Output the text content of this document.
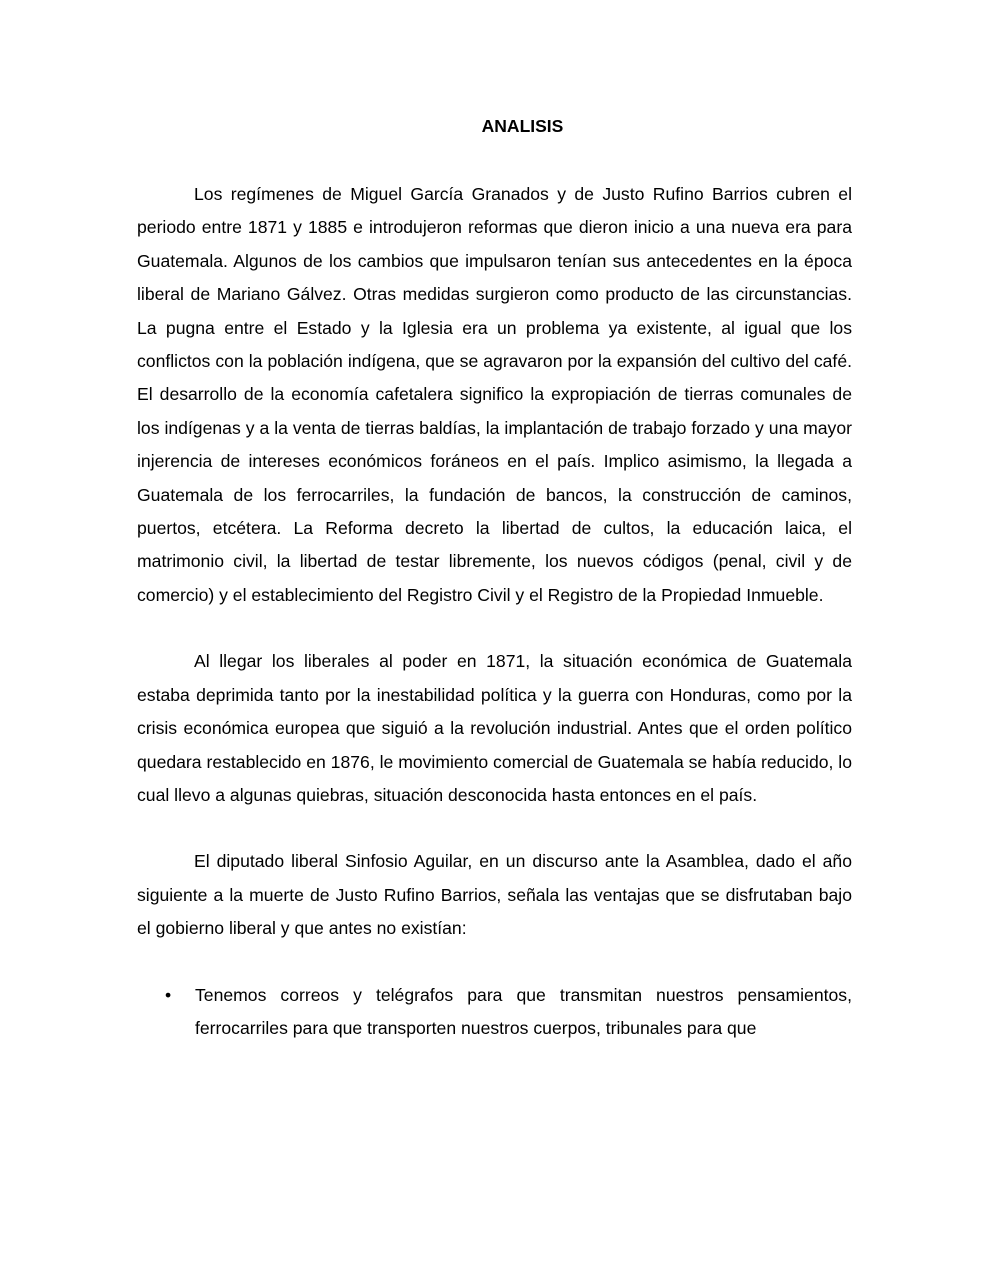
ANALISIS

Los regímenes de Miguel García Granados y de Justo Rufino Barrios cubren el periodo entre 1871 y 1885 e introdujeron reformas que dieron inicio a una nueva era para Guatemala. Algunos de los cambios que impulsaron tenían sus antecedentes en la época liberal de Mariano Gálvez. Otras medidas surgieron como producto de las circunstancias. La pugna entre el Estado y la Iglesia era un problema ya existente, al igual que los conflictos con la población indígena, que se agravaron por la expansión del cultivo del café. El desarrollo de la economía cafetalera significo la expropiación de tierras comunales de los indígenas y a la venta de tierras baldías, la implantación de trabajo forzado y una mayor injerencia de intereses económicos foráneos en el país. Implico asimismo, la llegada a Guatemala de los ferrocarriles, la fundación de bancos, la construcción de caminos, puertos, etcétera. La Reforma decreto la libertad de cultos, la educación laica, el matrimonio civil, la libertad de testar libremente, los nuevos códigos (penal, civil y de comercio) y el establecimiento del Registro Civil y el Registro de la Propiedad Inmueble.

Al llegar los liberales al poder en 1871, la situación económica de Guatemala estaba deprimida tanto por la inestabilidad política y la guerra con Honduras, como por la crisis económica europea que siguió a la revolución industrial. Antes que el orden político quedara restablecido en 1876, le movimiento comercial de Guatemala se había reducido, lo cual llevo a algunas quiebras, situación desconocida hasta entonces en el país.

El diputado liberal Sinfosio Aguilar, en un discurso ante la Asamblea, dado el año siguiente a la muerte de Justo Rufino Barrios, señala las ventajas que se disfrutaban bajo el gobierno liberal y que antes no existían:

• Tenemos correos y telégrafos para que transmitan nuestros pensamientos, ferrocarriles para que transporten nuestros cuerpos, tribunales para que
